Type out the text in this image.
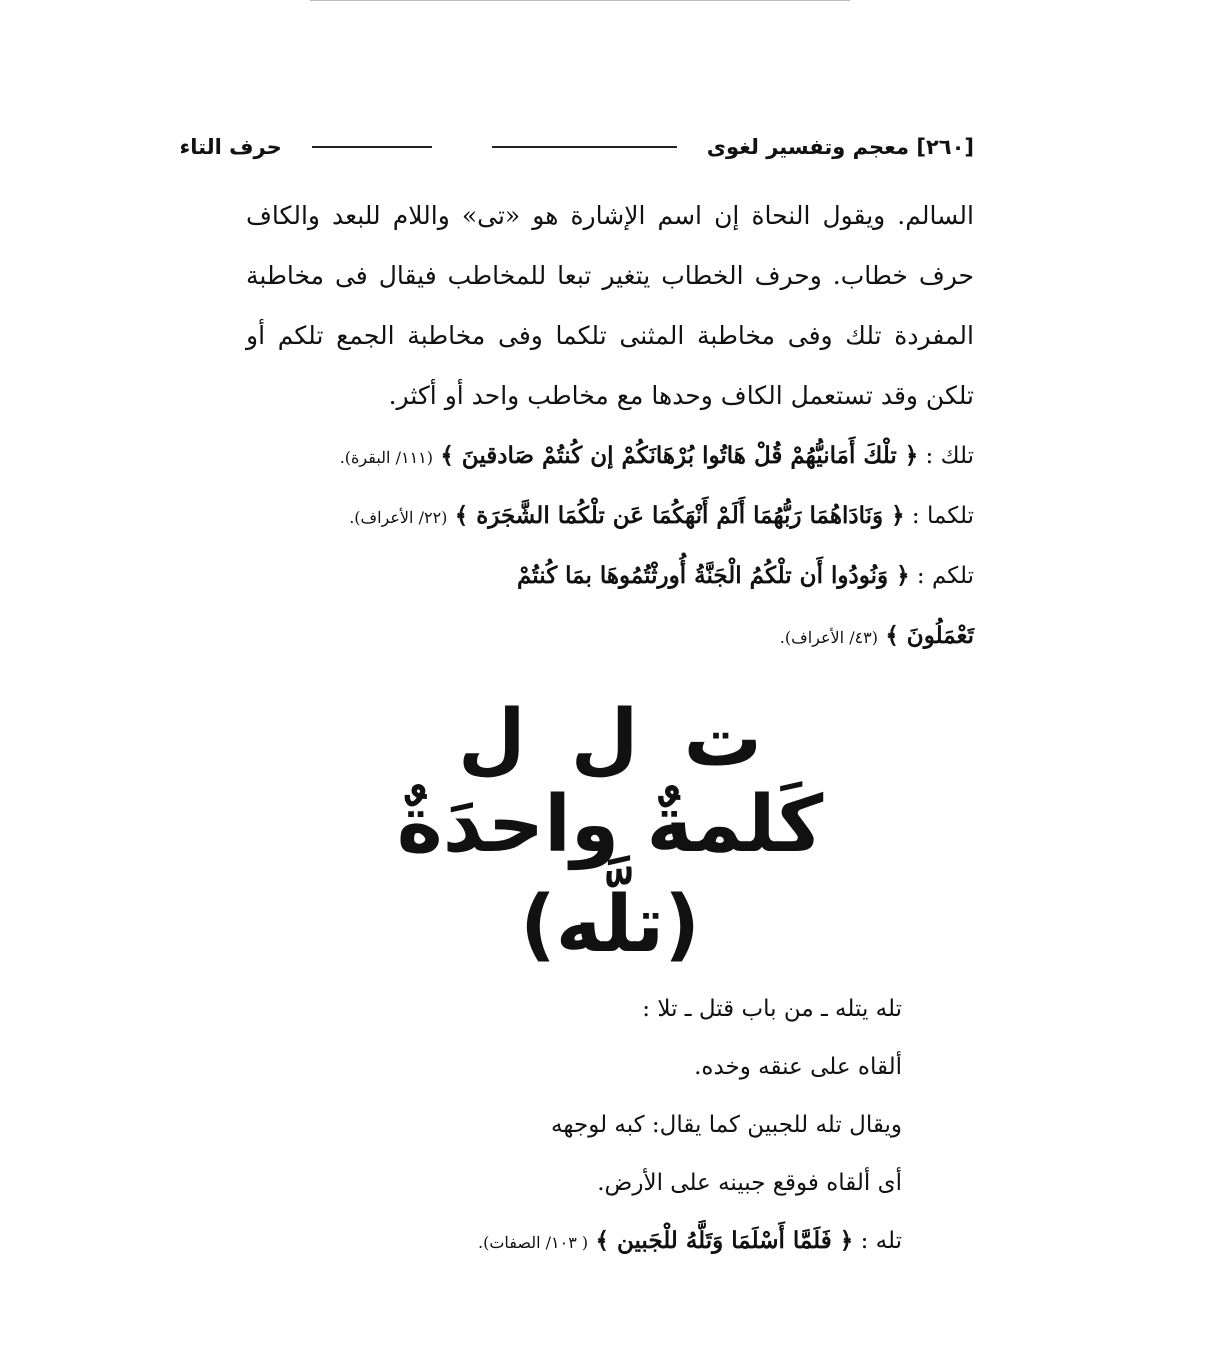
[٢٦٠] معجم وتفسير لغوى
حرف التاء
السالم. ويقول النحاة إن اسم الإشارة هو «تى» واللام للبعد والكاف حرف خطاب. وحرف الخطاب يتغير تبعا للمخاطب فيقال فى مخاطبة المفردة تلك وفى مخاطبة المثنى تلكما وفى مخاطبة الجمع تلكم أو تلكن وقد تستعمل الكاف وحدها مع مخاطب واحد أو أكثر.
تلك : ﴿ تلْكَ أَمَانيُّهُمْ قُلْ هَاتُوا بُرْهَانَكُمْ إن كُنتُمْ صَادقينَ ﴾ (١١١/ البقرة).
تلكما : ﴿ وَنَادَاهُمَا رَبُّهُمَا أَلَمْ أَنْهَكُمَا عَن تلْكُمَا الشَّجَرَة ﴾ (٢٢/ الأعراف).
تلكم : ﴿ وَنُودُوا أَن تلْكُمُ الْجَنَّةُ أُورثْتُمُوهَا بمَا كُنتُمْ
تَعْمَلُونَ ﴾ (٤٣/ الأعراف).
ت ل ل
كَلمةٌ واحدَةٌ
(تلَّه)
تله يتله ـ من باب قتل ـ تلا :
ألقاه على عنقه وخده.
ويقال تله للجبين كما يقال: كبه لوجهه
أى ألقاه فوقع جبينه على الأرض.
تله : ﴿ فَلَمَّا أَسْلَمَا وَتَلَّهُ للْجَبين ﴾ ( ١٠٣/ الصفات).
